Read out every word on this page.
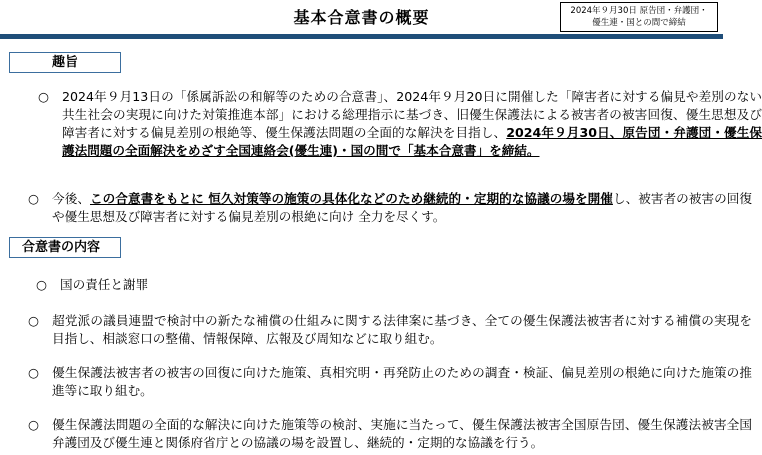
基本合意書の概要	2024年９月30日 原告団・弁護団・
優生連・国との間で締結
趣旨
○ 2024年９月13日の「係属訴訟の和解等のための合意書」、2024年９月20日に開催した「障害者に対する偏見や差別のない共生社会の実現に向けた対策推進本部」における総理指示に基づき、旧優生保護法による被害者の被害回復、優生思想及び障害者に対する偏見差別の根絶等、優生保護法問題の全面的な解決を目指し、2024年９月30日、原告団・弁護団・優生保護法問題の全面解決をめざす全国連絡会(優生連)・国の間で「基本合意書」を締結。
○ 今後、この合意書をもとに 恒久対策等の施策の具体化などのため継続的・定期的な協議の場を開催し、被害者の被害の回復や優生思想及び障害者に対する偏見差別の根絶に向け 全力を尽くす。
合意書の内容
○ 国の責任と謝罪
○ 超党派の議員連盟で検討中の新たな補償の仕組みに関する法律案に基づき、全ての優生保護法被害者に対する補償の実現を目指し、相談窓口の整備、情報保障、広報及び周知などに取り組む。
○ 優生保護法被害者の被害の回復に向けた施策、真相究明・再発防止のための調査・検証、偏見差別の根絶に向けた施策の推進等に取り組む。
○ 優生保護法問題の全面的な解決に向けた施策等の検討、実施に当たって、優生保護法被害全国原告団、優生保護法被害全国弁護団及び優生連と関係府省庁との協議の場を設置し、継続的・定期的な協議を行う。
